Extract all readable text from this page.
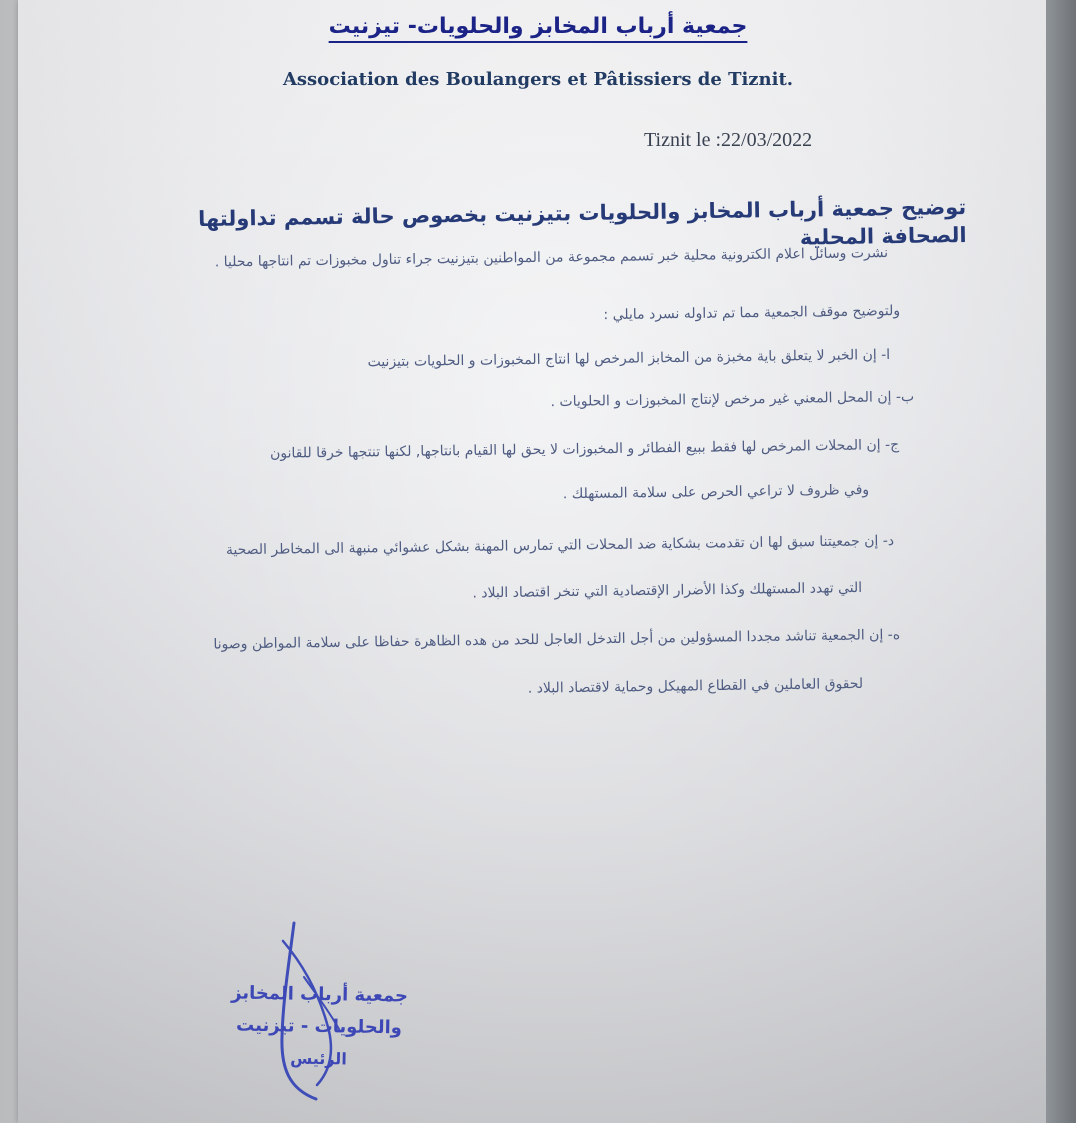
جمعية أرباب المخابز والحلويات- تيزنيت
Association des Boulangers et Pâtissiers de Tiznit.
Tiznit le :22/03/2022
توضيح جمعية أرباب المخابز والحلويات بتيزنيت بخصوص حالة تسمم تداولتها الصحافة المحلية
نشرت وسائل اعلام الكترونية محلية خبر تسمم مجموعة من المواطنين بتيزنيت جراء تناول مخبوزات تم انتاجها محليا .
ولتوضيح موقف الجمعية مما تم تداوله نسرد مايلي :
ا- إن الخبر لا يتعلق باية مخبزة من المخابز المرخص لها انتاج المخبوزات و الحلويات بتيزنيت
ب- إن المحل المعني غير مرخص لإنتاج المخبوزات و الحلويات .
ج- إن المحلات المرخص لها فقط ببيع الفطائر و المخبوزات لا يحق لها القيام بانتاجها, لكنها تنتجها خرقا للقانون
وفي ظروف لا تراعي الحرص على سلامة المستهلك .
د- إن جمعيتنا سبق لها ان تقدمت بشكاية ضد المحلات التي تمارس المهنة بشكل عشوائي منبهة الى المخاطر الصحية
التي تهدد المستهلك وكذا الأضرار الإقتصادية التي تنخر اقتصاد البلاد .
ه- إن الجمعية تناشد مجددا المسؤولين من أجل التدخل العاجل للحد من هده الظاهرة حفاظا على سلامة المواطن وصونا
لحقوق العاملين في القطاع المهيكل وحماية لاقتصاد البلاد .
جمعية أرباب المخابز
والحلويات - تيزنيت
الرئيس
